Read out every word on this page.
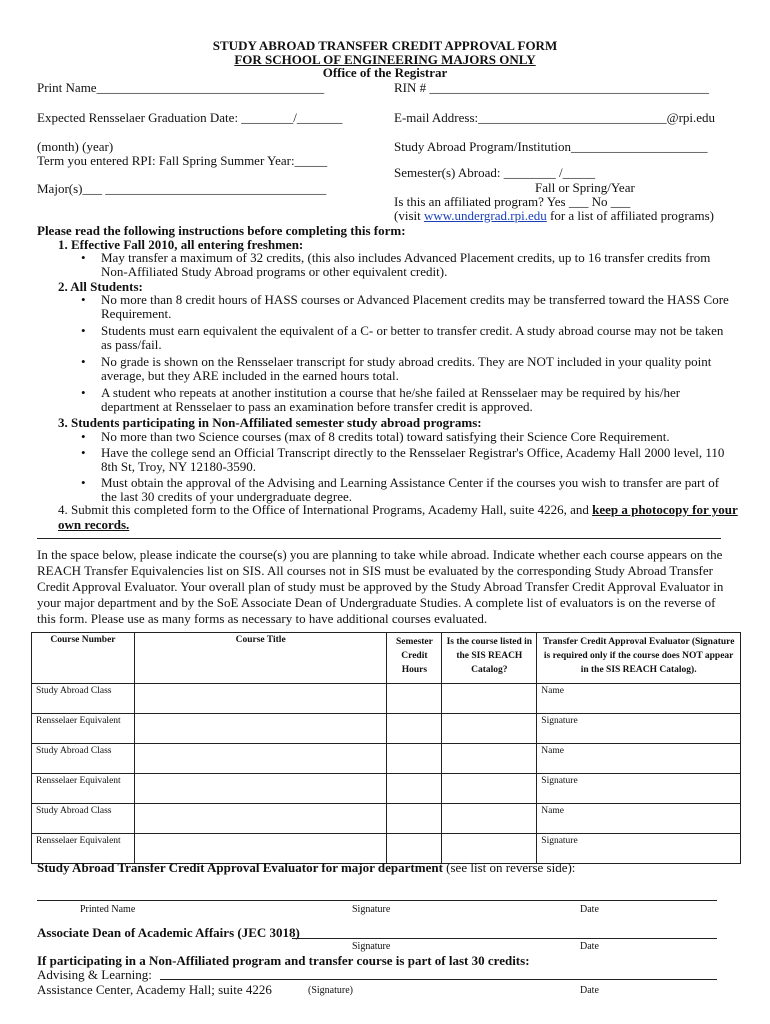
STUDY ABROAD TRANSFER CREDIT APPROVAL FORM
FOR SCHOOL OF ENGINEERING MAJORS ONLY
Office of the Registrar
Print Name___________________________________	RIN # ___________________________________________
Expected Rensselaer Graduation Date: ________/_______	E-mail Address:_____________________________@rpi.edu
(month) (year)	Study Abroad Program/Institution_____________________
Term you entered RPI: Fall Spring Summer Year:_____
Semester(s) Abroad: ________ /_____
Fall or Spring/Year
Major(s)___ __________________________________
Is this an affiliated program? Yes ___ No ___
(visit www.undergrad.rpi.edu for a list of affiliated programs)
Please read the following instructions before completing this form:
1. Effective Fall 2010, all entering freshmen:
• May transfer a maximum of 32 credits, (this also includes Advanced Placement credits, up to 16 transfer credits from Non-Affiliated Study Abroad programs or other equivalent credit).
2. All Students:
• No more than 8 credit hours of HASS courses or Advanced Placement credits may be transferred toward the HASS Core Requirement.
• Students must earn equivalent the equivalent of a C- or better to transfer credit. A study abroad course may not be taken as pass/fail.
• No grade is shown on the Rensselaer transcript for study abroad credits. They are NOT included in your quality point average, but they ARE included in the earned hours total.
• A student who repeats at another institution a course that he/she failed at Rensselaer may be required by his/her department at Rensselaer to pass an examination before transfer credit is approved.
3. Students participating in Non-Affiliated semester study abroad programs:
• No more than two Science courses (max of 8 credits total) toward satisfying their Science Core Requirement.
• Have the college send an Official Transcript directly to the Rensselaer Registrar's Office, Academy Hall 2000 level, 110 8th St, Troy, NY 12180-3590.
• Must obtain the approval of the Advising and Learning Assistance Center if the courses you wish to transfer are part of the last 30 credits of your undergraduate degree.
4. Submit this completed form to the Office of International Programs, Academy Hall, suite 4226, and keep a photocopy for your own records.
In the space below, please indicate the course(s) you are planning to take while abroad. Indicate whether each course appears on the REACH Transfer Equivalencies list on SIS. All courses not in SIS must be evaluated by the corresponding Study Abroad Transfer Credit Approval Evaluator. Your overall plan of study must be approved by the Study Abroad Transfer Credit Approval Evaluator in your major department and by the SoE Associate Dean of Undergraduate Studies. A complete list of evaluators is on the reverse of this form. Please use as many forms as necessary to have additional courses evaluated.
Course Number	Course Title	Semester Credit Hours	Is the course listed in the SIS REACH Catalog?	Transfer Credit Approval Evaluator (Signature is required only if the course does NOT appear in the SIS REACH Catalog).
Study Abroad Class				Name
Rensselaer Equivalent				Signature
Study Abroad Class				Name
Rensselaer Equivalent				Signature
Study Abroad Class				Name
Rensselaer Equivalent				Signature
Study Abroad Transfer Credit Approval Evaluator for major department (see list on reverse side):
Printed Name	Signature	Date
Associate Dean of Academic Affairs (JEC 3018)
Signature	Date
If participating in a Non-Affiliated program and transfer course is part of last 30 credits:
Advising & Learning:
Assistance Center, Academy Hall; suite 4226	(Signature)	Date
